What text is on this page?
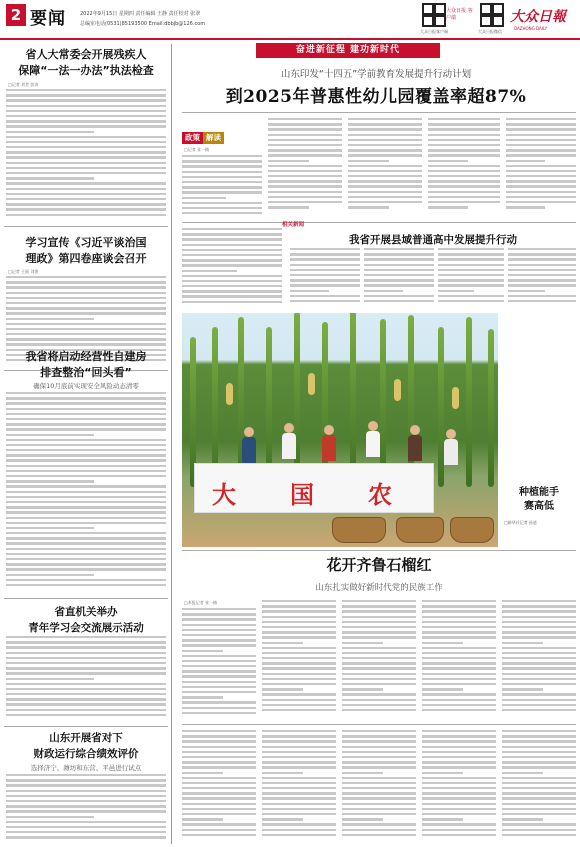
2 要闻	2022年9月15日 星期四 责任编辑 王静 责任校对 张翠
总编室电话(0531)85193500 Email:dbbjb@126.com
大众日报客户端
大众日报 客户端
大众日报微信
大众日報
DAZHONG DAILY
省人大常委会开展残疾人
保障“一法一办法”执法检查
□记者 刘者 彭涛
学习宣传《习近平谈治国
理政》第四卷座谈会召开
□记者 王丽 刘建
我省将启动经营性自建房
排查整治“回头看”
确保10月底前实现安全风险动态清零
省直机关举办
青年学习会交流展示活动
山东开展省对下
财政运行综合绩效评价
选择济宁、潍坊和东营、平邑进行试点
奋进新征程 建功新时代
山东印发“十四五”学前教育发展提升行动计划
到2025年普惠性幼儿园覆盖率超87%
政策 解读
□记者 张一楠
相关新闻
我省开展县域普通高中发展提升行动
大 国 农	种植能手
赛高低
□新华社记者 孙进
花开齐鲁石榴红
山东扎实做好新时代党的民族工作
□本报记者 张一楠
